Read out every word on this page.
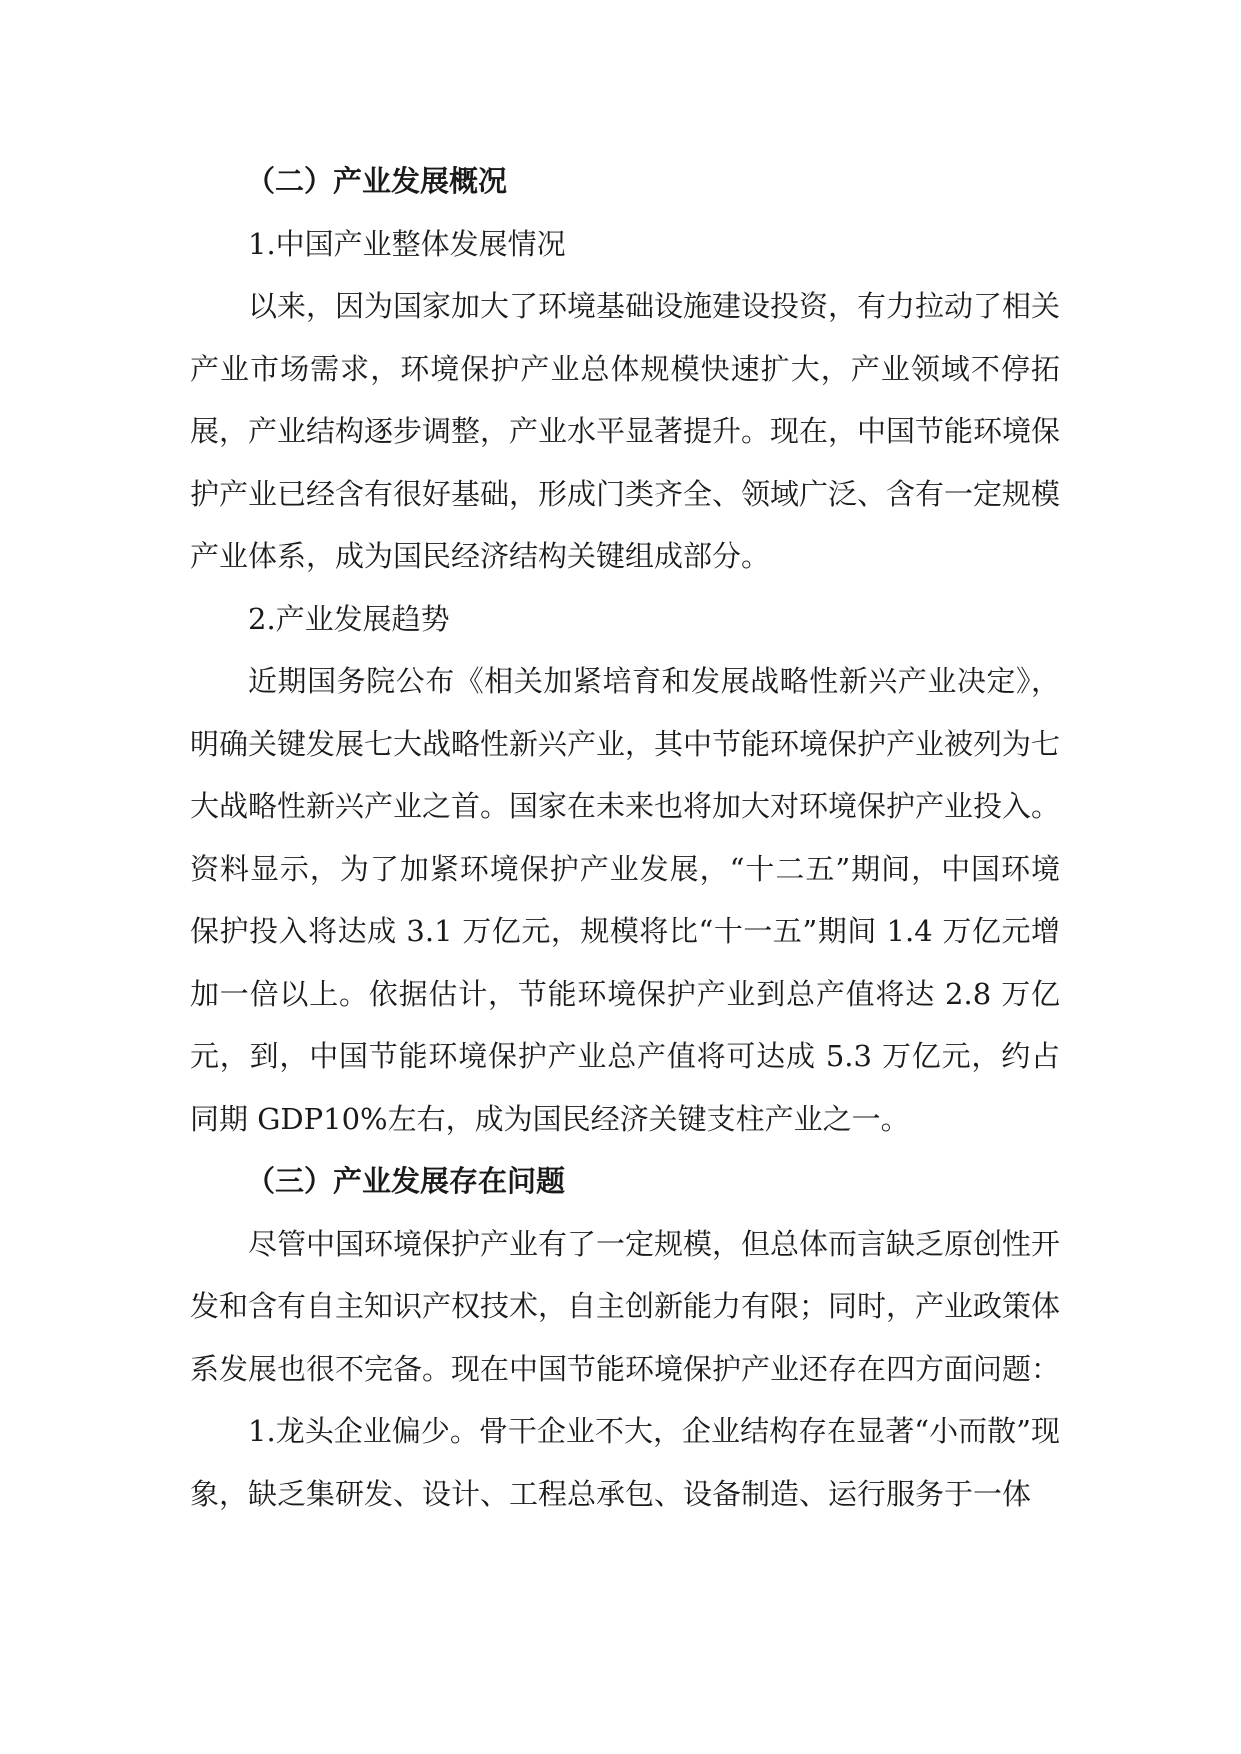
（二）产业发展概况

1.中国产业整体发展情况

以来，因为国家加大了环境基础设施建设投资，有力拉动了相关产业市场需求，环境保护产业总体规模快速扩大，产业领域不停拓展，产业结构逐步调整，产业水平显著提升。现在，中国节能环境保护产业已经含有很好基础，形成门类齐全、领域广泛、含有一定规模产业体系，成为国民经济结构关键组成部分。

2.产业发展趋势

近期国务院公布《相关加紧培育和发展战略性新兴产业决定》，明确关键发展七大战略性新兴产业，其中节能环境保护产业被列为七大战略性新兴产业之首。国家在未来也将加大对环境保护产业投入。资料显示，为了加紧环境保护产业发展，“十二五”期间，中国环境保护投入将达成 3.1 万亿元，规模将比“十一五”期间 1.4 万亿元增加一倍以上。依据估计，节能环境保护产业到总产值将达 2.8 万亿元，到，中国节能环境保护产业总产值将可达成 5.3 万亿元，约占同期 GDP10%左右，成为国民经济关键支柱产业之一。

（三）产业发展存在问题

尽管中国环境保护产业有了一定规模，但总体而言缺乏原创性开发和含有自主知识产权技术，自主创新能力有限；同时，产业政策体系发展也很不完备。现在中国节能环境保护产业还存在四方面问题：

1.龙头企业偏少。骨干企业不大，企业结构存在显著“小而散”现象，缺乏集研发、设计、工程总承包、设备制造、运行服务于一体
